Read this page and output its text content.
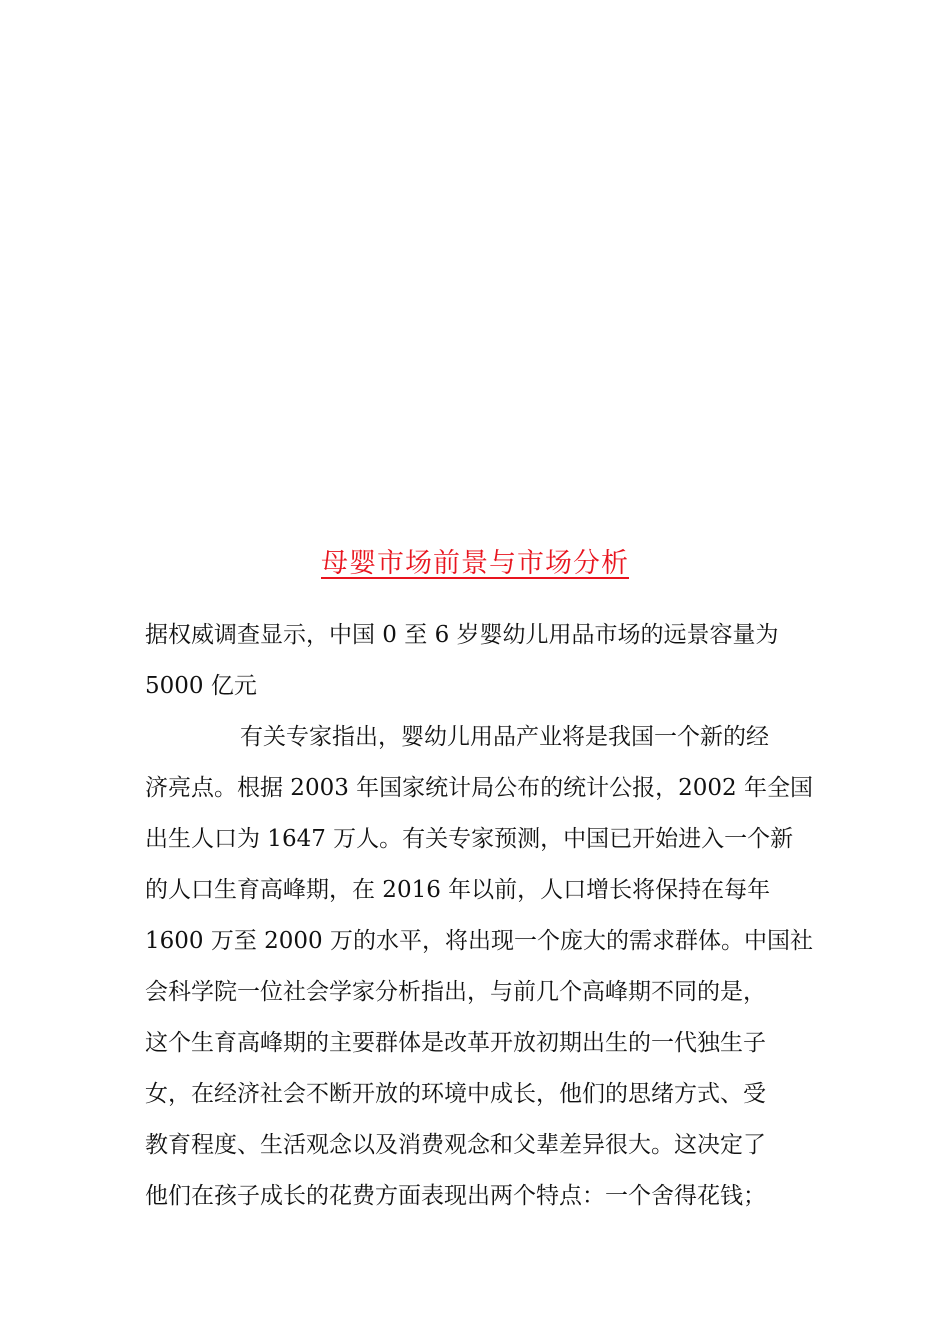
母婴市场前景与市场分析
据权威调查显示，中国 0 至 6 岁婴幼儿用品市场的远景容量为
5000 亿元
有关专家指出，婴幼儿用品产业将是我国一个新的经
济亮点。根据 2003 年国家统计局公布的统计公报，2002 年全国
出生人口为 1647 万人。有关专家预测，中国已开始进入一个新
的人口生育高峰期，在 2016 年以前，人口增长将保持在每年
1600 万至 2000 万的水平，将出现一个庞大的需求群体。中国社
会科学院一位社会学家分析指出，与前几个高峰期不同的是，
这个生育高峰期的主要群体是改革开放初期出生的一代独生子
女，在经济社会不断开放的环境中成长，他们的思绪方式、受
教育程度、生活观念以及消费观念和父辈差异很大。这决定了
他们在孩子成长的花费方面表现出两个特点：一个舍得花钱；
